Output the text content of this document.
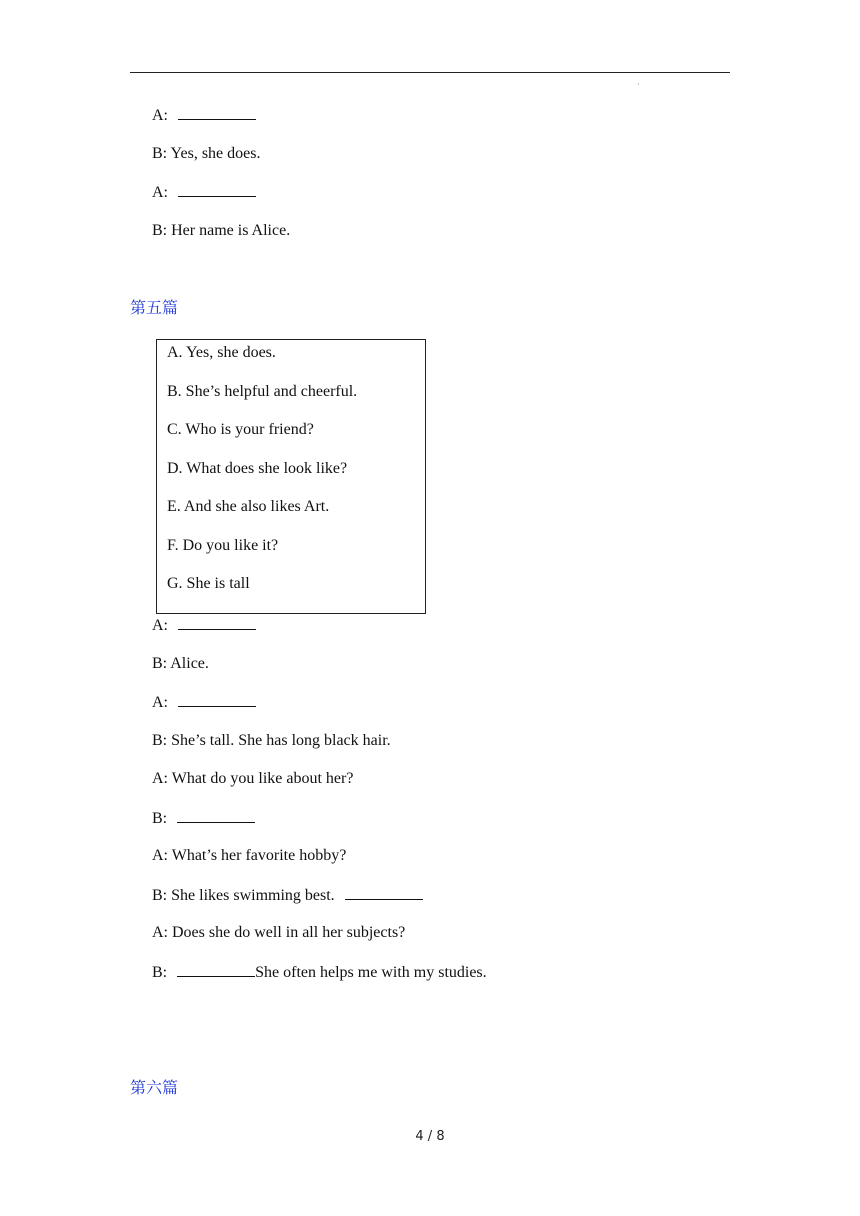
·
A:
B: Yes, she does.
A:
B: Her name is Alice.
第五篇
A. Yes, she does.
B. She’s helpful and cheerful.
C. Who is your friend?
D. What does she look like?
E. And she also likes Art.
F. Do you like it?
G. She is tall
A:
B: Alice.
A:
B: She’s tall. She has long black hair.
A: What do you like about her?
B:
A: What’s her favorite hobby?
B: She likes swimming best.
A: Does she do well in all her subjects?
B:	She often helps me with my studies.
第六篇
4 / 8
